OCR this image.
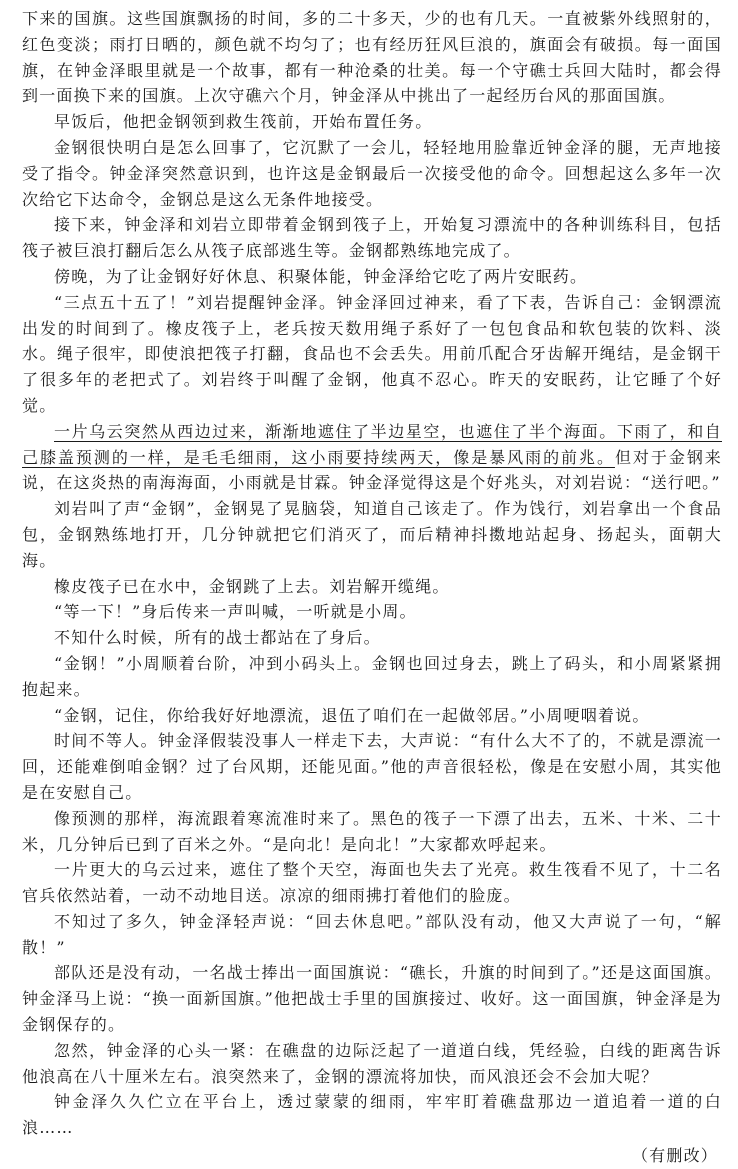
下来的国旗。这些国旗飘扬的时间，多的二十多天，少的也有几天。一直被紫外线照射的，红色变淡；雨打日晒的，颜色就不均匀了；也有经历狂风巨浪的，旗面会有破损。每一面国旗，在钟金泽眼里就是一个故事，都有一种沧桑的壮美。每一个守礁士兵回大陆时，都会得到一面换下来的国旗。上次守礁六个月，钟金泽从中挑出了一起经历台风的那面国旗。

早饭后，他把金钢领到救生筏前，开始布置任务。

金钢很快明白是怎么回事了，它沉默了一会儿，轻轻地用脸靠近钟金泽的腿，无声地接受了指令。钟金泽突然意识到，也许这是金钢最后一次接受他的命令。回想起这么多年一次次给它下达命令，金钢总是这么无条件地接受。

接下来，钟金泽和刘岩立即带着金钢到筏子上，开始复习漂流中的各种训练科目，包括筏子被巨浪打翻后怎么从筏子底部逃生等。金钢都熟练地完成了。

傍晚，为了让金钢好好休息、积聚体能，钟金泽给它吃了两片安眠药。

“三点五十五了！”刘岩提醒钟金泽。钟金泽回过神来，看了下表，告诉自己：金钢漂流出发的时间到了。橡皮筏子上，老兵按天数用绳子系好了一包包食品和软包装的饮料、淡水。绳子很牢，即使浪把筏子打翻，食品也不会丢失。用前爪配合牙齿解开绳结，是金钢干了很多年的老把式了。刘岩终于叫醒了金钢，他真不忍心。昨天的安眠药，让它睡了个好觉。

一片乌云突然从西边过来，渐渐地遮住了半边星空，也遮住了半个海面。下雨了，和自己膝盖预测的一样，是毛毛细雨，这小雨要持续两天，像是暴风雨的前兆。但对于金钢来说，在这炎热的南海海面，小雨就是甘霖。钟金泽觉得这是个好兆头，对刘岩说：“送行吧。”

刘岩叫了声“金钢”，金钢晃了晃脑袋，知道自己该走了。作为饯行，刘岩拿出一个食品包，金钢熟练地打开，几分钟就把它们消灭了，而后精神抖擞地站起身、扬起头，面朝大海。

橡皮筏子已在水中，金钢跳了上去。刘岩解开缆绳。

“等一下！”身后传来一声叫喊，一听就是小周。

不知什么时候，所有的战士都站在了身后。

“金钢！”小周顺着台阶，冲到小码头上。金钢也回过身去，跳上了码头，和小周紧紧拥抱起来。

“金钢，记住，你给我好好地漂流，退伍了咱们在一起做邻居。”小周哽咽着说。

时间不等人。钟金泽假装没事人一样走下去，大声说：“有什么大不了的，不就是漂流一回，还能难倒咱金钢？过了台风期，还能见面。”他的声音很轻松，像是在安慰小周，其实他是在安慰自己。

像预测的那样，海流跟着寒流准时来了。黑色的筏子一下漂了出去，五米、十米、二十米，几分钟后已到了百米之外。“是向北！是向北！”大家都欢呼起来。

一片更大的乌云过来，遮住了整个天空，海面也失去了光亮。救生筏看不见了，十二名官兵依然站着，一动不动地目送。凉凉的细雨拂打着他们的脸庞。

不知过了多久，钟金泽轻声说：“回去休息吧。”部队没有动，他又大声说了一句，“解散！”

部队还是没有动，一名战士捧出一面国旗说：“礁长，升旗的时间到了。”还是这面国旗。钟金泽马上说：“换一面新国旗。”他把战士手里的国旗接过、收好。这一面国旗，钟金泽是为金钢保存的。

忽然，钟金泽的心头一紧：在礁盘的边际泛起了一道道白线，凭经验，白线的距离告诉他浪高在八十厘米左右。浪突然来了，金钢的漂流将加快，而风浪还会不会加大呢？

钟金泽久久伫立在平台上，透过蒙蒙的细雨，牢牢盯着礁盘那边一道追着一道的白浪……

（有删改）
